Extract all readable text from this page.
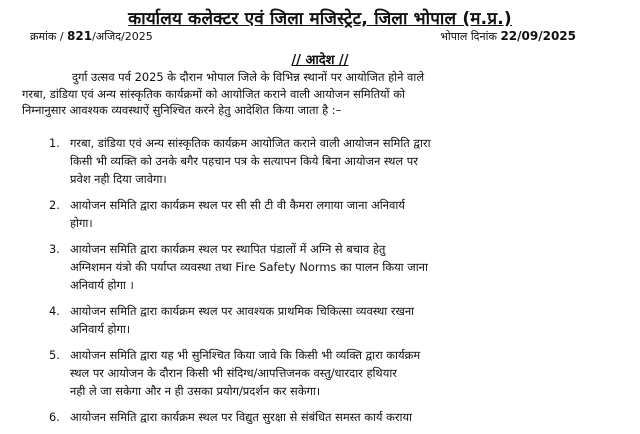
कार्यालय कलेक्टर एवं जिला मजिस्ट्रेट, जिला भोपाल (म.प्र.)
क्रमांक / 821/अजिद/2025	भोपाल दिनांक 22/09/2025
// आदेश //
दुर्गा उत्सव पर्व 2025 के दौरान भोपाल जिले के विभिन्न स्थानों पर आयोजित होने वाले
गरबा, डांडिया एवं अन्य सांस्कृतिक कार्यक्रमों को आयोजित कराने वाली आयोजन समितियों को
निम्नानुसार आवश्यक व्यवस्थाऐं सुनिश्चित करने हेतु आदेशित किया जाता है :–
1. गरबा, डांडिया एवं अन्य सांस्कृतिक कार्यक्रम आयोजित कराने वाली आयोजन समिति द्वारा
किसी भी व्यक्ति को उनके बगैर पहचान पत्र के सत्यापन किये बिना आयोजन स्थल पर
प्रवेश नही दिया जावेगा।
2. आयोजन समिति द्वारा कार्यक्रम स्थल पर सी सी टी वी कैमरा लगाया जाना अनिवार्य
होगा।
3. आयोजन समिति द्वारा कार्यक्रम स्थल पर स्थापित पंडालों में अग्नि से बचाव हेतु
अग्निशमन यंत्रो की पर्याप्त व्यवस्था तथा Fire Safety Norms का पालन किया जाना
अनिवार्य होगा ।
4. आयोजन समिति द्वारा कार्यक्रम स्थल पर आवश्यक प्राथमिक चिकित्सा व्यवस्था रखना
अनिवार्य होगा।
5. आयोजन समिति द्वारा यह भी सुनिश्चित किया जावे कि किसी भी व्यक्ति द्वारा कार्यक्रम
स्थल पर आयोजन के दौरान किसी भी संदिग्ध/आपत्तिजनक वस्तु/धारदार हथियार
नही ले जा सकेगा और न ही उसका प्रयोग/प्रदर्शन कर सकेगा।
6. आयोजन समिति द्वारा कार्यक्रम स्थल पर विद्युत सुरक्षा से संबंधित समस्त कार्य कराया
